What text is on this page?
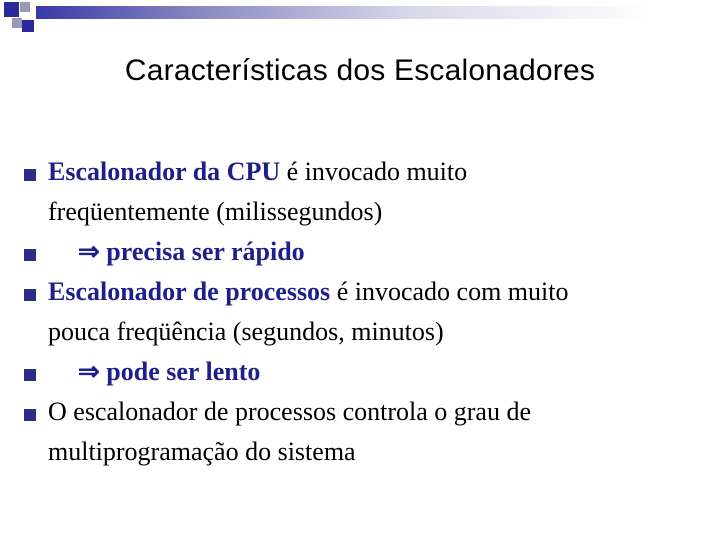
Características dos Escalonadores
Escalonador da CPU é invocado muito
freqüentemente (milissegundos)
⇒ precisa ser rápido
Escalonador de processos é invocado com muito
pouca freqüência (segundos, minutos)
⇒ pode ser lento
O escalonador de processos controla o grau de
multiprogramação do sistema
